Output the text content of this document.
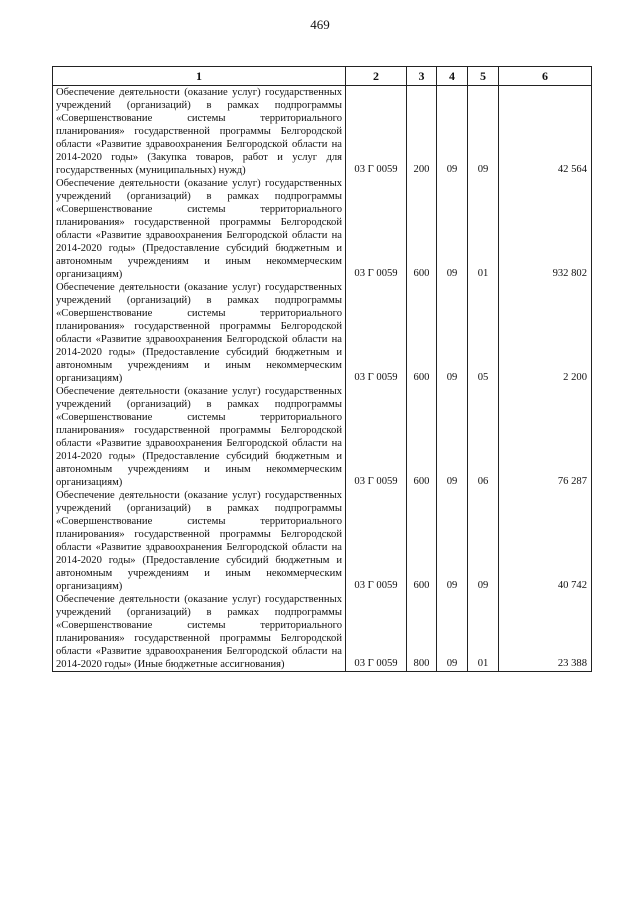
469
1	2	3	4	5	6
Обеспечение деятельности (оказание услуг) государственных учреждений (организаций) в рамках подпрограммы «Совершенствование системы территориального планирования» государственной программы Белгородской области «Развитие здравоохранения Белгородской области на 2014-2020 годы» (Закупка товаров, работ и услуг для государственных (муниципальных) нужд)	03 Г 0059	200	09	09	42 564
Обеспечение деятельности (оказание услуг) государственных учреждений (организаций) в рамках подпрограммы «Совершенствование системы территориального планирования» государственной программы Белгородской области «Развитие здравоохранения Белгородской области на 2014-2020 годы» (Предоставление субсидий бюджетным и автономным учреждениям и иным некоммерческим организациям)	03 Г 0059	600	09	01	932 802
Обеспечение деятельности (оказание услуг) государственных учреждений (организаций) в рамках подпрограммы «Совершенствование системы территориального планирования» государственной программы Белгородской области «Развитие здравоохранения Белгородской области на 2014-2020 годы» (Предоставление субсидий бюджетным и автономным учреждениям и иным некоммерческим организациям)	03 Г 0059	600	09	05	2 200
Обеспечение деятельности (оказание услуг) государственных учреждений (организаций) в рамках подпрограммы «Совершенствование системы территориального планирования» государственной программы Белгородской области «Развитие здравоохранения Белгородской области на 2014-2020 годы» (Предоставление субсидий бюджетным и автономным учреждениям и иным некоммерческим организациям)	03 Г 0059	600	09	06	76 287
Обеспечение деятельности (оказание услуг) государственных учреждений (организаций) в рамках подпрограммы «Совершенствование системы территориального планирования» государственной программы Белгородской области «Развитие здравоохранения Белгородской области на 2014-2020 годы» (Предоставление субсидий бюджетным и автономным учреждениям и иным некоммерческим организациям)	03 Г 0059	600	09	09	40 742
Обеспечение деятельности (оказание услуг) государственных учреждений (организаций) в рамках подпрограммы «Совершенствование системы территориального планирования» государственной программы Белгородской области «Развитие здравоохранения Белгородской области на 2014-2020 годы» (Иные бюджетные ассигнования)	03 Г 0059	800	09	01	23 388
